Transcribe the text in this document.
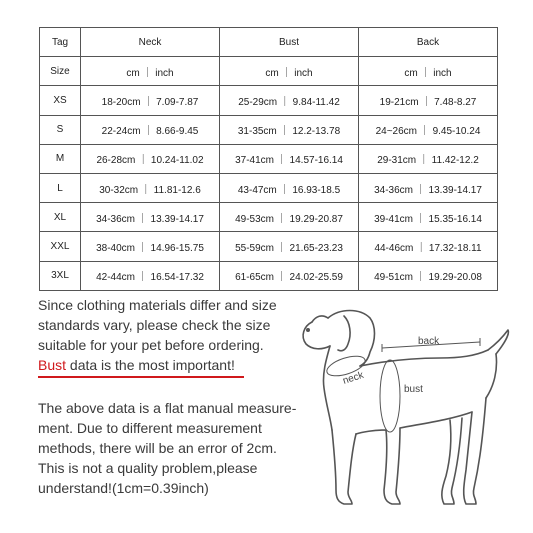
Tag	Neck	Bust	Back
Size	cm ｜ inch	cm ｜ inch	cm ｜ inch
XS	18-20cm ｜ 7.09-7.87	25-29cm ｜ 9.84-11.42	19-21cm ｜ 7.48-8.27
S	22-24cm ｜ 8.66-9.45	31-35cm ｜ 12.2-13.78	24~26cm ｜ 9.45-10.24
M	26-28cm ｜ 10.24-11.02	37-41cm ｜ 14.57-16.14	29-31cm ｜ 11.42-12.2
L	30-32cm ｜ 11.81-12.6	43-47cm ｜ 16.93-18.5	34-36cm ｜ 13.39-14.17
XL	34-36cm ｜ 13.39-14.17	49-53cm ｜ 19.29-20.87	39-41cm ｜ 15.35-16.14
XXL	38-40cm ｜ 14.96-15.75	55-59cm ｜ 21.65-23.23	44-46cm ｜ 17.32-18.11
3XL	42-44cm ｜ 16.54-17.32	61-65cm ｜ 24.02-25.59	49-51cm ｜ 19.29-20.08
Since clothing materials differ and size
standards vary, please check the size
suitable for your pet before ordering.
Bust data is the most important!
The above data is a flat manual measure-
ment. Due to different measurement
methods, there will be an error of 2cm.
This is not a quality problem,please
understand!(1cm=0.39inch)
back
neck
bust
